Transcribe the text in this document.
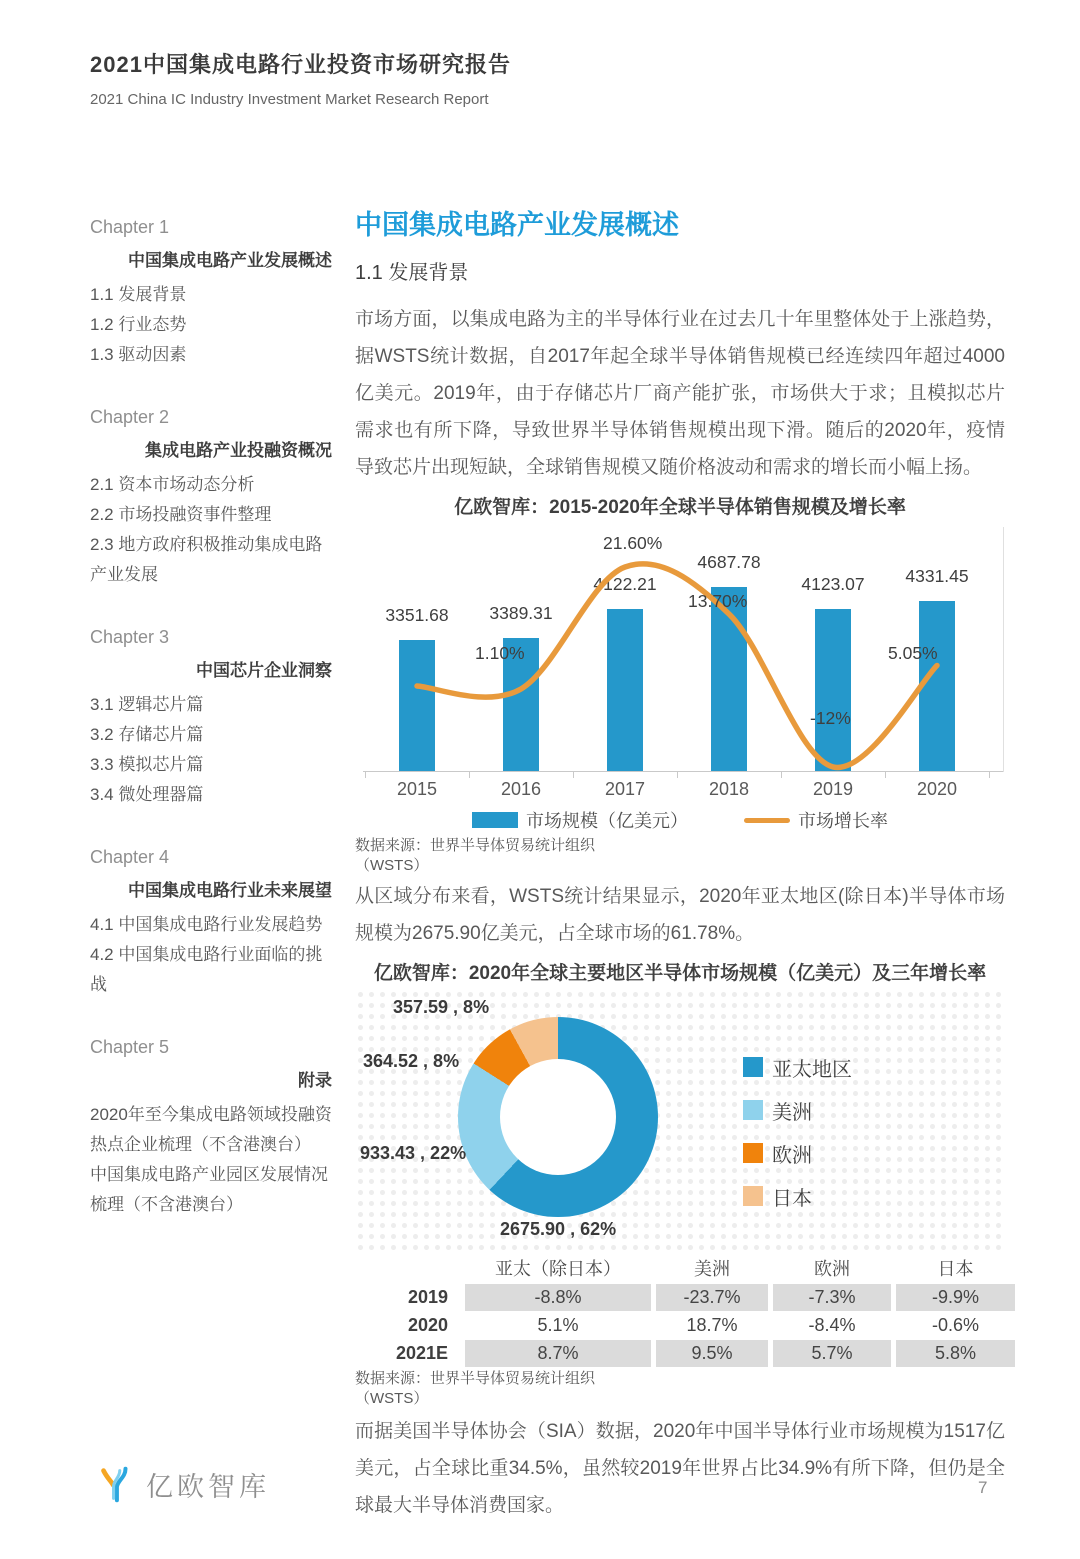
2021中国集成电路行业投资市场研究报告
2021 China IC Industry Investment Market Research Report
Chapter 1
中国集成电路产业发展概述
1.1 发展背景
1.2 行业态势
1.3 驱动因素
Chapter 2
集成电路产业投融资概况
2.1 资本市场动态分析
2.2 市场投融资事件整理
2.3 地方政府积极推动集成电路产业发展
Chapter 3
中国芯片企业洞察
3.1 逻辑芯片篇
3.2 存储芯片篇
3.3 模拟芯片篇
3.4 微处理器篇
Chapter 4
中国集成电路行业未来展望
4.1 中国集成电路行业发展趋势
4.2 中国集成电路行业面临的挑战
Chapter 5
附录
2020年至今集成电路领域投融资热点企业梳理（不含港澳台）
中国集成电路产业园区发展情况梳理（不含港澳台）
中国集成电路产业发展概述
1.1 发展背景

市场方面，以集成电路为主的半导体行业在过去几十年里整体处于上涨趋势，据WSTS统计数据，自2017年起全球半导体销售规模已经连续四年超过4000亿美元。2019年，由于存储芯片厂商产能扩张，市场供大于求；且模拟芯片需求也有所下降，导致世界半导体销售规模出现下滑。随后的2020年，疫情导致芯片出现短缺，全球销售规模又随价格波动和需求的增长而小幅上扬。

亿欧智库：2015-2020年全球半导体销售规模及增长率
3351.68 3389.31
4122.21
4687.78
4123.07 4331.45
1.10%
21.60%
13.70%
-12%
5.05%
2015	2016	2017	2018	2019	2020
市场规模（亿美元）	市场增长率
数据来源：世界半导体贸易统计组织
（WSTS）

从区域分布来看，WSTS统计结果显示，2020年亚太地区(除日本)半导体市场规模为2675.90亿美元，占全球市场的61.78%。

亿欧智库：2020年全球主要地区半导体市场规模（亿美元）及三年增长率
亚太地区
美洲
欧洲
日本
2675.90 , 62%
933.43 , 22%
364.52 , 8%
357.59 , 8%
亚太（除日本）	美洲	欧洲	日本
2019	-8.8%	-23.7%	-7.3%	-9.9%
2020	5.1%	18.7%	-8.4%	-0.6%
2021E	8.7%	9.5%	5.7%	5.8%
数据来源：世界半导体贸易统计组织
（WSTS）

而据美国半导体协会（SIA）数据，2020年中国半导体行业市场规模为1517亿美元，占全球比重34.5%，虽然较2019年世界占比34.9%有所下降，但仍是全球最大半导体消费国家。

亿欧智库	7
